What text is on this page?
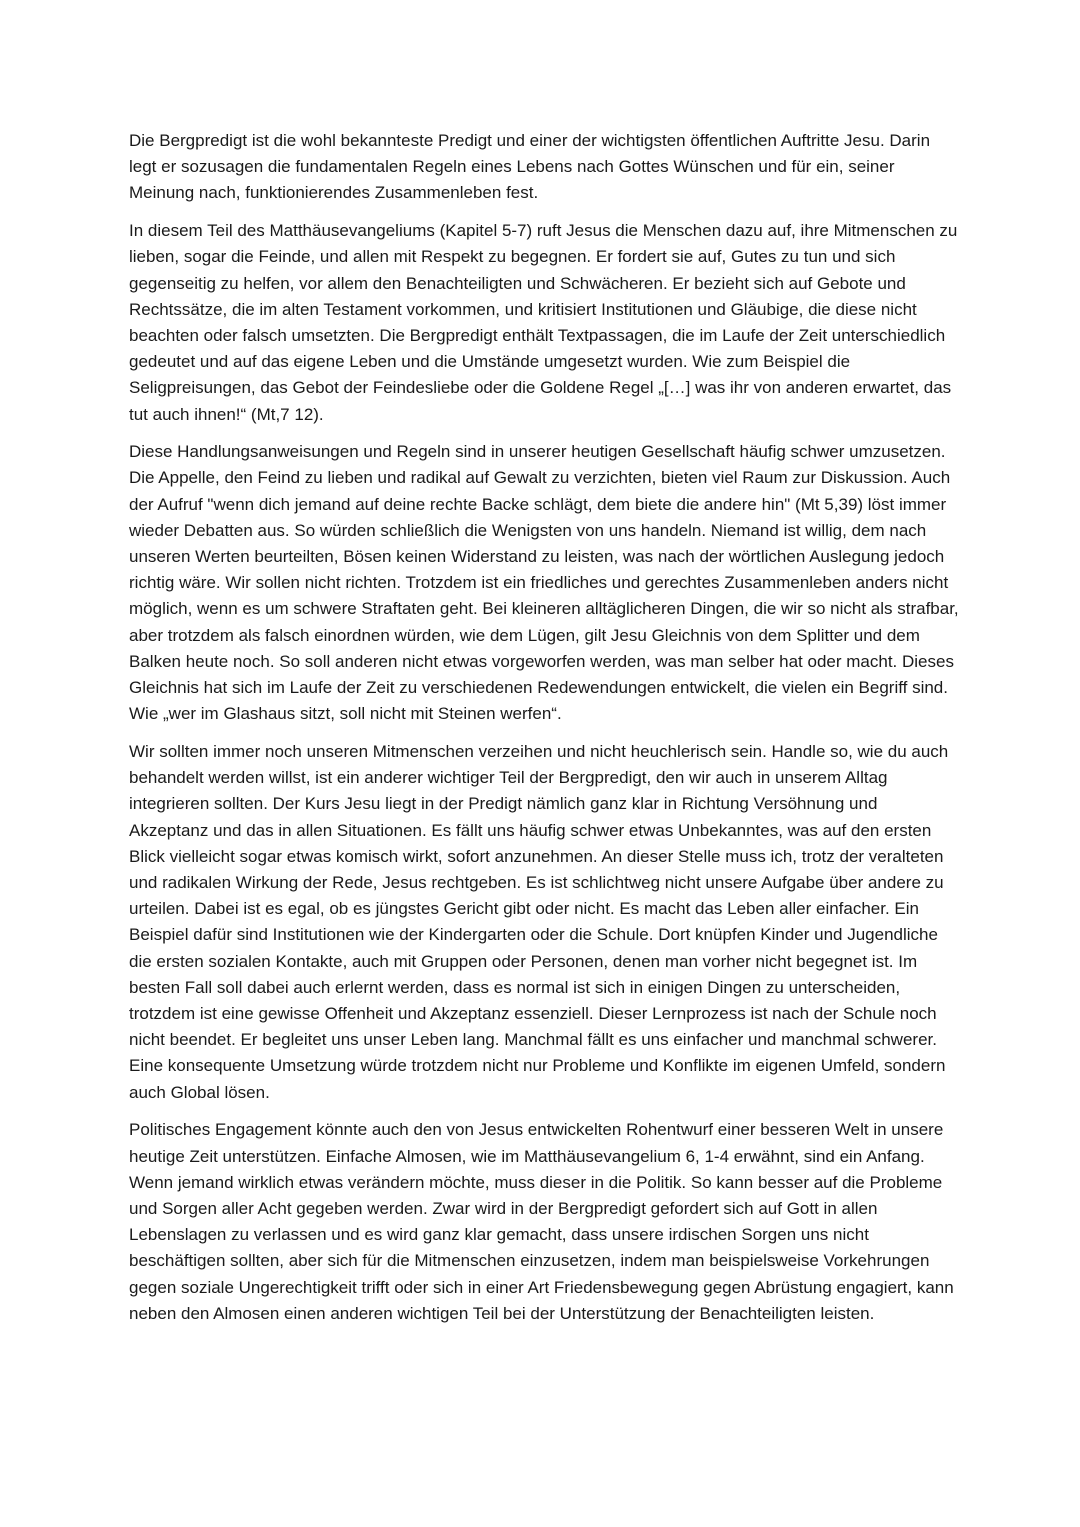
Die Bergpredigt ist die wohl bekannteste Predigt und einer der wichtigsten öffentlichen Auftritte Jesu. Darin legt er sozusagen die fundamentalen Regeln eines Lebens nach Gottes Wünschen und für ein, seiner Meinung nach, funktionierendes Zusammenleben fest.

In diesem Teil des Matthäusevangeliums (Kapitel 5-7) ruft Jesus die Menschen dazu auf, ihre Mitmenschen zu lieben, sogar die Feinde, und allen mit Respekt zu begegnen. Er fordert sie auf, Gutes zu tun und sich gegenseitig zu helfen, vor allem den Benachteiligten und Schwächeren. Er bezieht sich auf Gebote und Rechtssätze, die im alten Testament vorkommen, und kritisiert Institutionen und Gläubige, die diese nicht beachten oder falsch umsetzten. Die Bergpredigt enthält Textpassagen, die im Laufe der Zeit unterschiedlich gedeutet und auf das eigene Leben und die Umstände umgesetzt wurden. Wie zum Beispiel die Seligpreisungen, das Gebot der Feindesliebe oder die Goldene Regel „[…] was ihr von anderen erwartet, das tut auch ihnen!“ (Mt,7 12).

Diese Handlungsanweisungen und Regeln sind in unserer heutigen Gesellschaft häufig schwer umzusetzen. Die Appelle, den Feind zu lieben und radikal auf Gewalt zu verzichten, bieten viel Raum zur Diskussion. Auch der Aufruf "wenn dich jemand auf deine rechte Backe schlägt, dem biete die andere hin" (Mt 5,39) löst immer wieder Debatten aus. So würden schließlich die Wenigsten von uns handeln. Niemand ist willig, dem nach unseren Werten beurteilten, Bösen keinen Widerstand zu leisten, was nach der wörtlichen Auslegung jedoch richtig wäre. Wir sollen nicht richten. Trotzdem ist ein friedliches und gerechtes Zusammenleben anders nicht möglich, wenn es um schwere Straftaten geht. Bei kleineren alltäglicheren Dingen, die wir so nicht als strafbar, aber trotzdem als falsch einordnen würden, wie dem Lügen, gilt Jesu Gleichnis von dem Splitter und dem Balken heute noch. So soll anderen nicht etwas vorgeworfen werden, was man selber hat oder macht. Dieses Gleichnis hat sich im Laufe der Zeit zu verschiedenen Redewendungen entwickelt, die vielen ein Begriff sind. Wie „wer im Glashaus sitzt, soll nicht mit Steinen werfen“.

Wir sollten immer noch unseren Mitmenschen verzeihen und nicht heuchlerisch sein. Handle so, wie du auch behandelt werden willst, ist ein anderer wichtiger Teil der Bergpredigt, den wir auch in unserem Alltag integrieren sollten. Der Kurs Jesu liegt in der Predigt nämlich ganz klar in Richtung Versöhnung und Akzeptanz und das in allen Situationen. Es fällt uns häufig schwer etwas Unbekanntes, was auf den ersten Blick vielleicht sogar etwas komisch wirkt, sofort anzunehmen. An dieser Stelle muss ich, trotz der veralteten und radikalen Wirkung der Rede, Jesus rechtgeben. Es ist schlichtweg nicht unsere Aufgabe über andere zu urteilen. Dabei ist es egal, ob es jüngstes Gericht gibt oder nicht. Es macht das Leben aller einfacher. Ein Beispiel dafür sind Institutionen wie der Kindergarten oder die Schule. Dort knüpfen Kinder und Jugendliche die ersten sozialen Kontakte, auch mit Gruppen oder Personen, denen man vorher nicht begegnet ist. Im besten Fall soll dabei auch erlernt werden, dass es normal ist sich in einigen Dingen zu unterscheiden, trotzdem ist eine gewisse Offenheit und Akzeptanz essenziell. Dieser Lernprozess ist nach der Schule noch nicht beendet. Er begleitet uns unser Leben lang. Manchmal fällt es uns einfacher und manchmal schwerer. Eine konsequente Umsetzung würde trotzdem nicht nur Probleme und Konflikte im eigenen Umfeld, sondern auch Global lösen.

Politisches Engagement könnte auch den von Jesus entwickelten Rohentwurf einer besseren Welt in unsere heutige Zeit unterstützen. Einfache Almosen, wie im Matthäusevangelium 6, 1-4 erwähnt, sind ein Anfang. Wenn jemand wirklich etwas verändern möchte, muss dieser in die Politik. So kann besser auf die Probleme und Sorgen aller Acht gegeben werden. Zwar wird in der Bergpredigt gefordert sich auf Gott in allen Lebenslagen zu verlassen und es wird ganz klar gemacht, dass unsere irdischen Sorgen uns nicht beschäftigen sollten, aber sich für die Mitmenschen einzusetzen, indem man beispielsweise Vorkehrungen gegen soziale Ungerechtigkeit trifft oder sich in einer Art Friedensbewegung gegen Abrüstung engagiert, kann neben den Almosen einen anderen wichtigen Teil bei der Unterstützung der Benachteiligten leisten.
